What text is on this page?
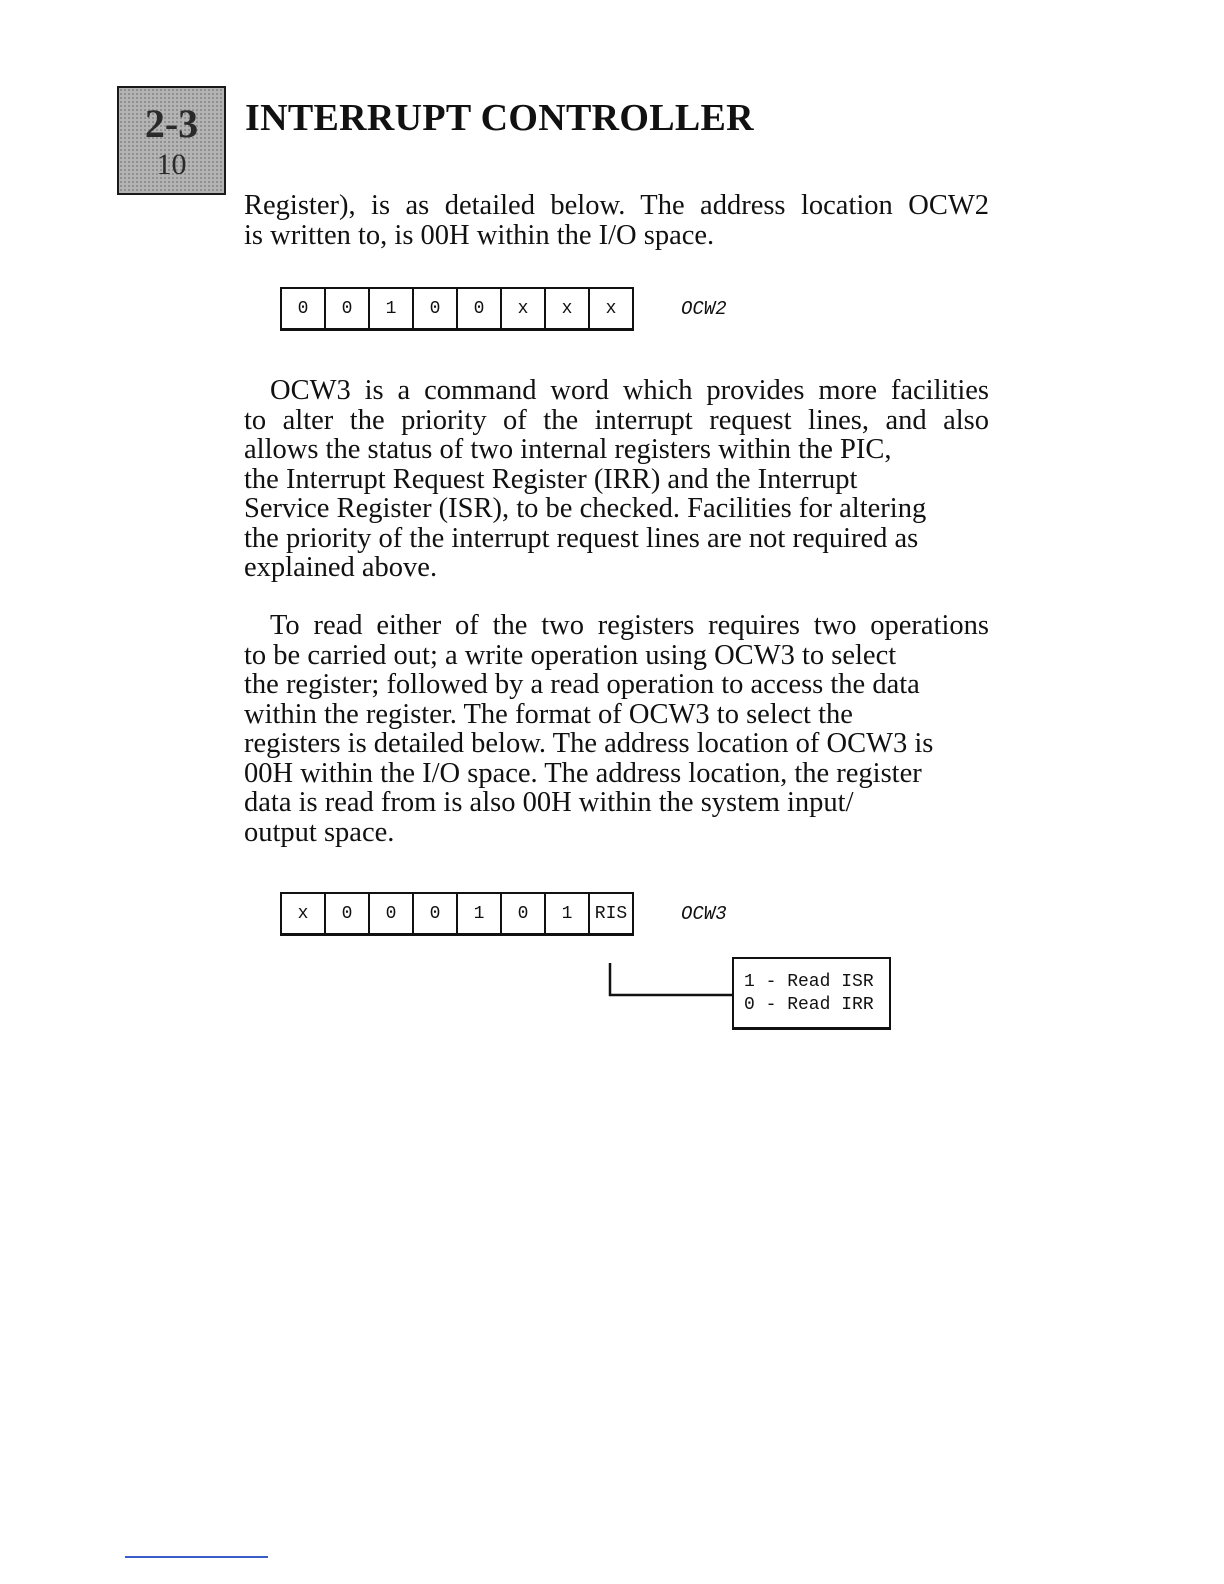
2-3
10
INTERRUPT CONTROLLER
Register), is as detailed below. The address location OCW2
is written to, is 00H within the I/O space.
0	0	1	0	0	x	x	x	OCW2
OCW3 is a command word which provides more facilities
to alter the priority of the interrupt request lines, and also
allows the status of two internal registers within the PIC,
the Interrupt Request Register (IRR) and the Interrupt
Service Register (ISR), to be checked. Facilities for altering
the priority of the interrupt request lines are not required as
explained above.
To read either of the two registers requires two operations
to be carried out; a write operation using OCW3 to select
the register; followed by a read operation to access the data
within the register. The format of OCW3 to select the
registers is detailed below. The address location of OCW3 is
00H within the I/O space. The address location, the register
data is read from is also 00H within the system input/
output space.
x	0	0	0	1	0	1	RIS	OCW3
1 - Read ISR
0 - Read IRR
